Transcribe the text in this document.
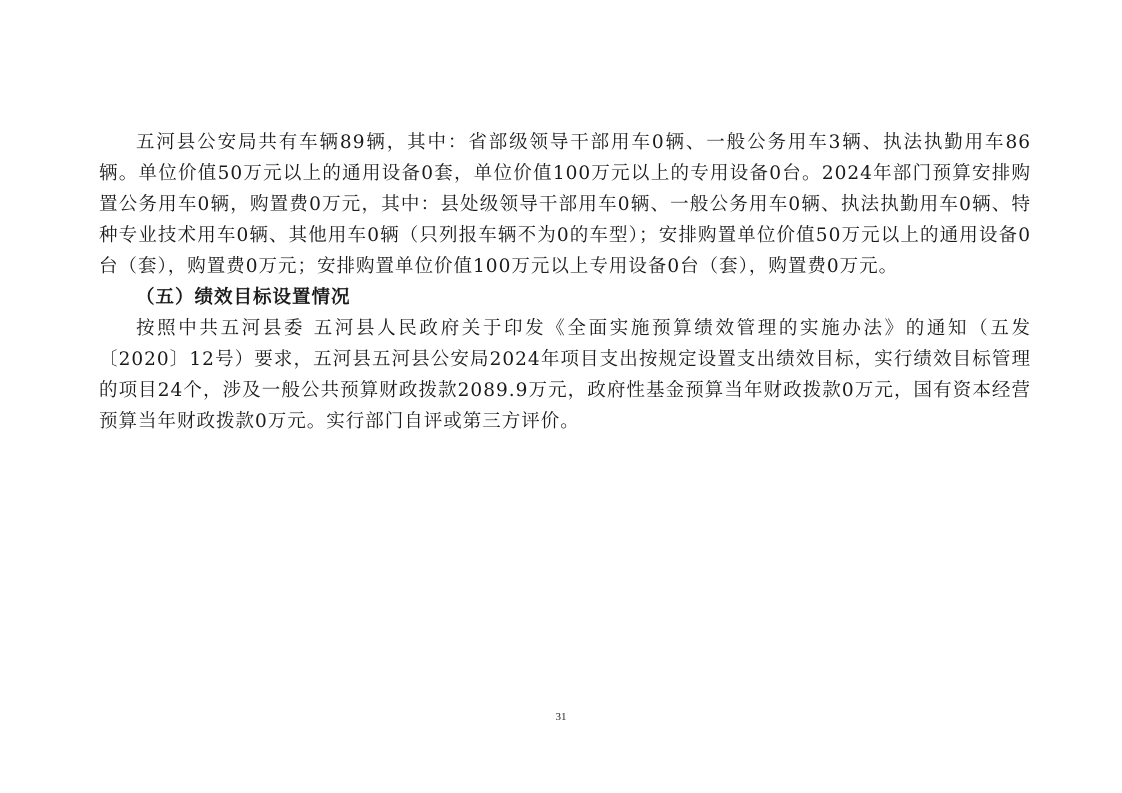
五河县公安局共有车辆89辆，其中：省部级领导干部用车0辆、一般公务用车3辆、执法执勤用车86辆。单位价值50万元以上的通用设备0套，单位价值100万元以上的专用设备0台。2024年部门预算安排购置公务用车0辆，购置费0万元，其中：县处级领导干部用车0辆、一般公务用车0辆、执法执勤用车0辆、特种专业技术用车0辆、其他用车0辆（只列报车辆不为0的车型）；安排购置单位价值50万元以上的通用设备0台（套），购置费0万元；安排购置单位价值100万元以上专用设备0台（套），购置费0万元。

（五）绩效目标设置情况

按照中共五河县委 五河县人民政府关于印发《全面实施预算绩效管理的实施办法》的通知（五发〔2020〕12号）要求，五河县五河县公安局2024年项目支出按规定设置支出绩效目标，实行绩效目标管理的项目24个，涉及一般公共预算财政拨款2089.9万元，政府性基金预算当年财政拨款0万元，国有资本经营预算当年财政拨款0万元。实行部门自评或第三方评价。

31
